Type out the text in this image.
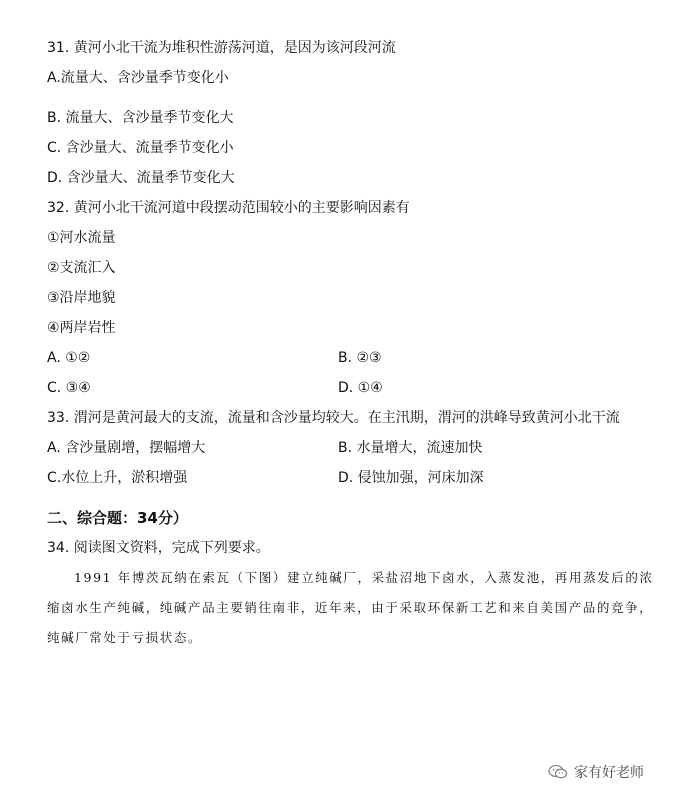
31. 黄河小北干流为堆积性游荡河道，是因为该河段河流
A.流量大、含沙量季节变化小
B. 流量大、含沙量季节变化大
C. 含沙量大、流量季节变化小
D. 含沙量大、流量季节变化大
32. 黄河小北干流河道中段摆动范围较小的主要影响因素有
①河水流量
②支流汇入
③沿岸地貌
④两岸岩性
A. ①②	B. ②③
C. ③④	D. ①④
33. 渭河是黄河最大的支流，流量和含沙量均较大。在主汛期，渭河的洪峰导致黄河小北干流
A. 含沙量剧增，摆幅增大	B. 水量增大，流速加快
C.水位上升，淤积增强	D. 侵蚀加强，河床加深
二、综合题：34分）
34. 阅读图文资料，完成下列要求。
1991 年博茨瓦纳在索瓦（下图）建立纯碱厂，采盐沼地下卤水，入蒸发池，再用蒸发后的浓
缩卤水生产纯碱，纯碱产品主要销往南非，近年来，由于采取环保新工艺和来自美国产品的竞争，
纯碱厂常处于亏损状态。
家有好老师
